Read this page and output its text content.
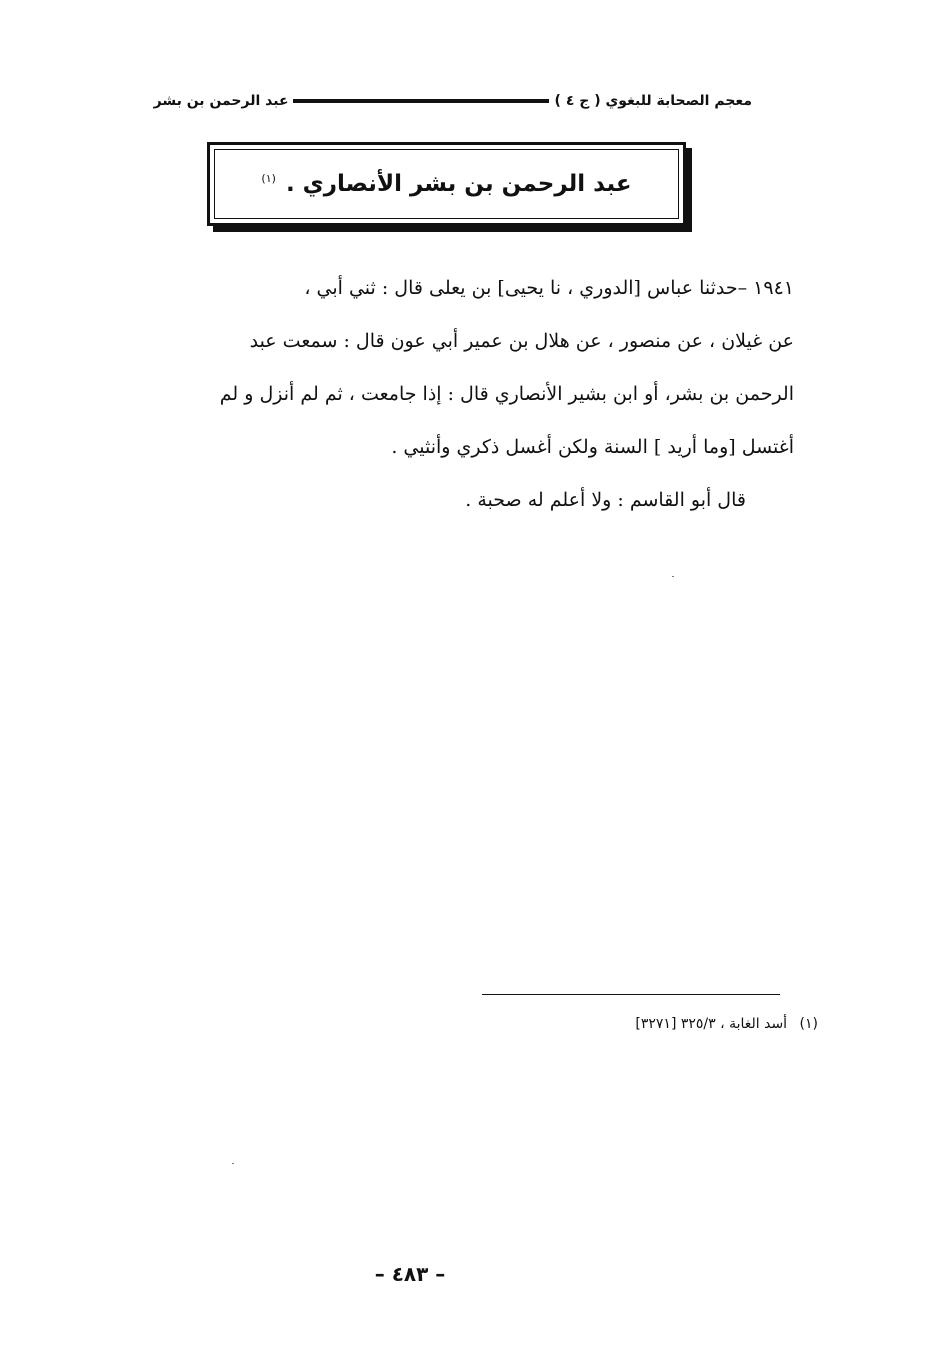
معجم الصحابة للبغوي ( ج ٤ )
عبد الرحمن بن بشر
عبد الرحمن بن بشر الأنصاري . $^{(١)}$

١٩٤١ –حدثنا عباس [الدوري ، نا يحيى] بن يعلى قال : ثني أبي ،

عن غيلان ، عن منصور ، عن هلال بن عمير أبي عون قال : سمعت عبد

الرحمن بن بشر، أو ابن بشير الأنصاري قال : إذا جامعت ، ثم لم أنزل و لم

أغتسل [وما أريد ] السنة ولكن أغسل ذكري وأنثيي .

قال أبو القاسم : ولا أعلم له صحبة .

(١) أسد الغابة ، ٣٢٥/٣ [٣٢٧١]
– ٤٨٣ –
